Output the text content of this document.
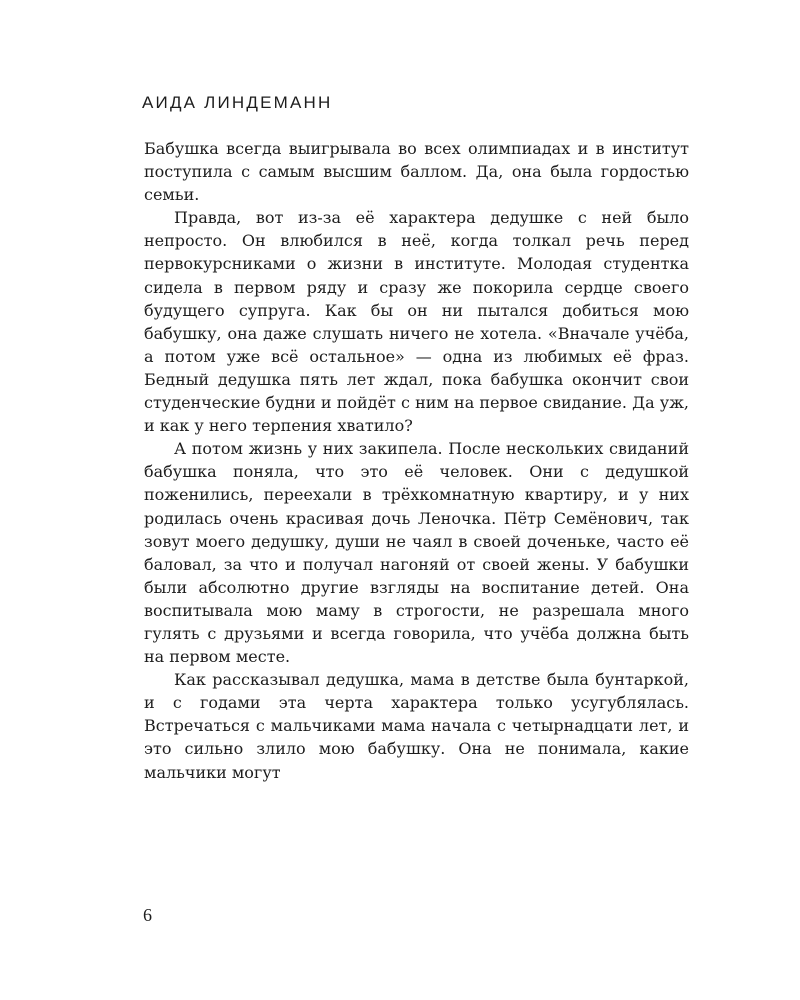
АИДА ЛИНДЕМАНН

Бабушка всегда выигрывала во всех олимпиадах и в институт поступила с самым высшим баллом. Да, она была гордостью семьи.

Правда, вот из-за её характера дедушке с ней было непросто. Он влюбился в неё, когда толкал речь перед первокурсниками о жизни в институте. Молодая студентка сидела в первом ряду и сразу же покорила сердце своего будущего супруга. Как бы он ни пытался добиться мою бабушку, она даже слушать ничего не хотела. «Вначале учёба, а потом уже всё остальное» — одна из любимых её фраз. Бедный дедушка пять лет ждал, пока бабушка окончит свои студенческие будни и пойдёт с ним на первое свидание. Да уж, и как у него терпения хватило?

А потом жизнь у них закипела. После нескольких свиданий бабушка поняла, что это её человек. Они с дедушкой поженились, переехали в трёхкомнатную квартиру, и у них родилась очень красивая дочь Леночка. Пётр Семёнович, так зовут моего дедушку, души не чаял в своей доченьке, часто её баловал, за что и получал нагоняй от своей жены. У бабушки были абсолютно другие взгляды на воспитание детей. Она воспитывала мою маму в строгости, не разрешала много гулять с друзьями и всегда говорила, что учёба должна быть на первом месте.

Как рассказывал дедушка, мама в детстве была бунтаркой, и с годами эта черта характера только усугублялась. Встречаться с мальчиками мама начала с четырнадцати лет, и это сильно злило мою бабушку. Она не понимала, какие мальчики могут

6
